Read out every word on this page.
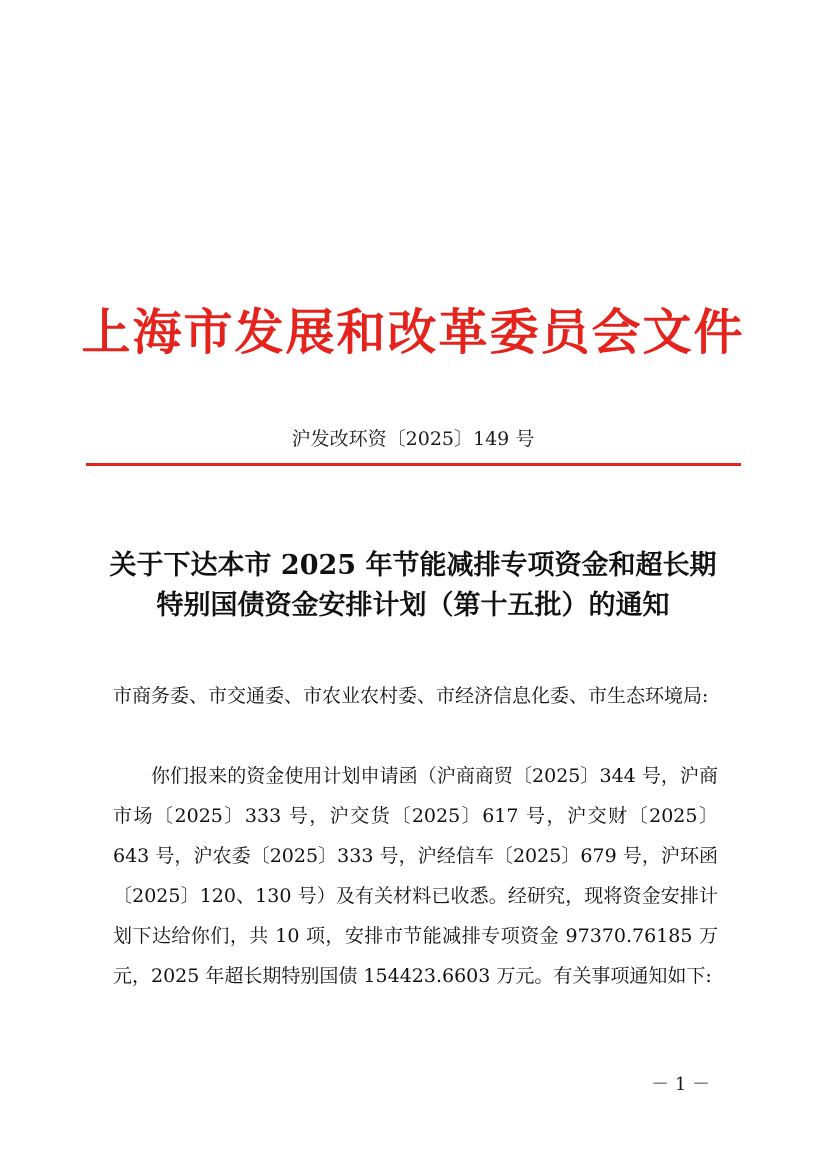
上海市发展和改革委员会文件
沪发改环资〔2025〕149 号
关于下达本市 2025 年节能减排专项资金和超长期
特别国债资金安排计划（第十五批）的通知
市商务委、市交通委、市农业农村委、市经济信息化委、市生态环境局:
你们报来的资金使用计划申请函（沪商商贸〔2025〕344 号，沪商市场〔2025〕333 号，沪交货〔2025〕617 号，沪交财〔2025〕643 号，沪农委〔2025〕333 号，沪经信车〔2025〕679 号，沪环函〔2025〕120、130 号）及有关材料已收悉。经研究，现将资金安排计划下达给你们，共 10 项，安排市节能减排专项资金 97370.76185 万元，2025 年超长期特别国债 154423.6603 万元。有关事项通知如下:
－ 1 －
